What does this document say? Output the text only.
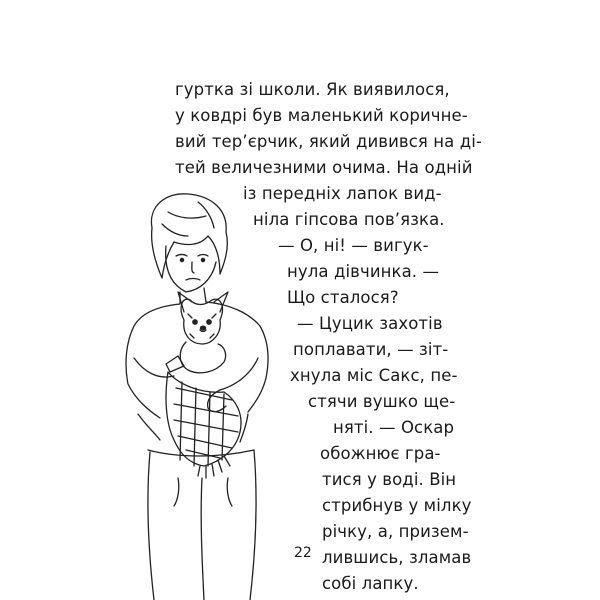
гуртка зі школи. Як виявилося,
у ковдрі був маленький коричне-
вий тер’єрчик, який дивився на ді-
тей величезними очима. На одній
із передніх лапок вид-
ніла гіпсова пов’язка.
— О, ні! — вигук-
нула дівчинка. —
Що сталося?
— Цуцик захотів
поплавати, — зіт-
хнула міс Сакс, пе-
стячи вушко ще-
няті. — Оскар
обожнює гра-
тися у воді. Він
стрибнув у мілку
річку, а, призем-
лившись, зламав
собі лапку.
22
